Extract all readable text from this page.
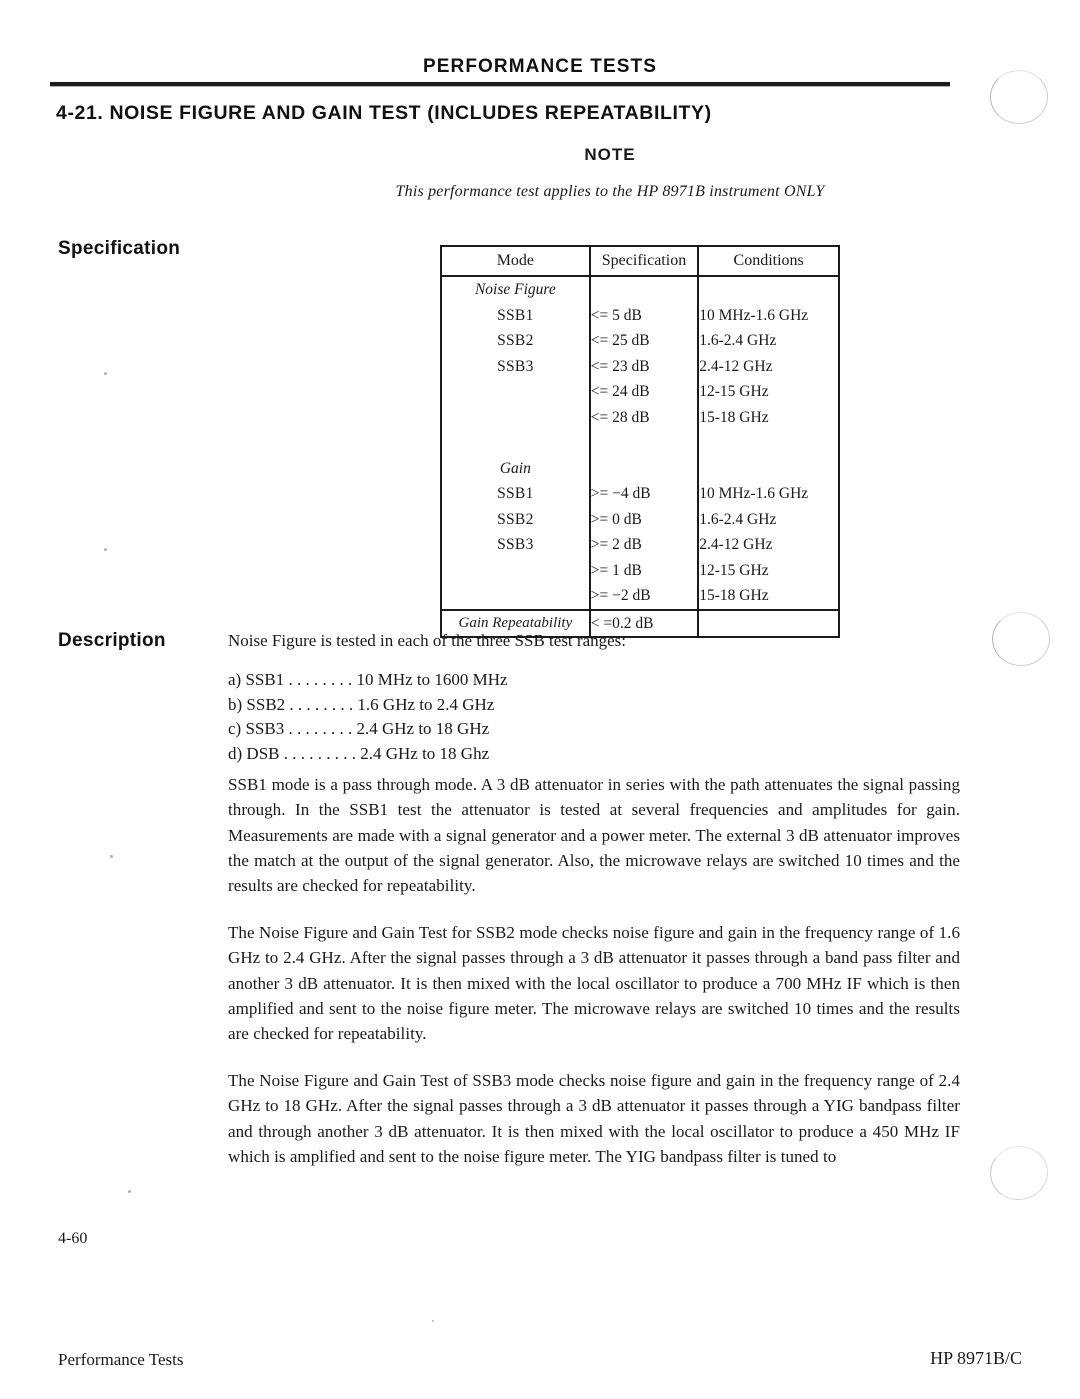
PERFORMANCE TESTS
4-21. NOISE FIGURE AND GAIN TEST (INCLUDES REPEATABILITY)
NOTE
This performance test applies to the HP 8971B instrument ONLY
Specification
Description
Mode	Specification	Conditions
Noise Figure		
SSB1	<= 5 dB	10 MHz-1.6 GHz
SSB2	<= 25 dB	1.6-2.4 GHz
SSB3	<= 23 dB	2.4-12 GHz
	<= 24 dB	12-15 GHz
	<= 28 dB	15-18 GHz

Gain		
SSB1	>= −4 dB	10 MHz-1.6 GHz
SSB2	>= 0 dB	1.6-2.4 GHz
SSB3	>= 2 dB	2.4-12 GHz
	>= 1 dB	12-15 GHz
	>= −2 dB	15-18 GHz
Gain Repeatability	< =0.2 dB	
Noise Figure is tested in each of the three SSB test ranges:
a) SSB1 . . . . . . . . 10 MHz to 1600 MHz
b) SSB2 . . . . . . . . 1.6 GHz to 2.4 GHz
c) SSB3 . . . . . . . . 2.4 GHz to 18 GHz
d) DSB . . . . . . . . . 2.4 GHz to 18 Ghz

SSB1 mode is a pass through mode. A 3 dB attenuator in series with the path attenuates the signal passing through. In the SSB1 test the attenuator is tested at several frequencies and amplitudes for gain. Measurements are made with a signal generator and a power meter. The external 3 dB attenuator improves the match at the output of the signal generator. Also, the microwave relays are switched 10 times and the results are checked for repeatability.

The Noise Figure and Gain Test for SSB2 mode checks noise figure and gain in the frequency range of 1.6 GHz to 2.4 GHz. After the signal passes through a 3 dB attenuator it passes through a band pass filter and another 3 dB attenuator. It is then mixed with the local oscillator to produce a 700 MHz IF which is then amplified and sent to the noise figure meter. The microwave relays are switched 10 times and the results are checked for repeatability.

The Noise Figure and Gain Test of SSB3 mode checks noise figure and gain in the frequency range of 2.4 GHz to 18 GHz. After the signal passes through a 3 dB attenuator it passes through a YIG bandpass filter and through another 3 dB attenuator. It is then mixed with the local oscillator to produce a 450 MHz IF which is amplified and sent to the noise figure meter. The YIG bandpass filter is tuned to

4-60
Performance Tests	HP 8971B/C
